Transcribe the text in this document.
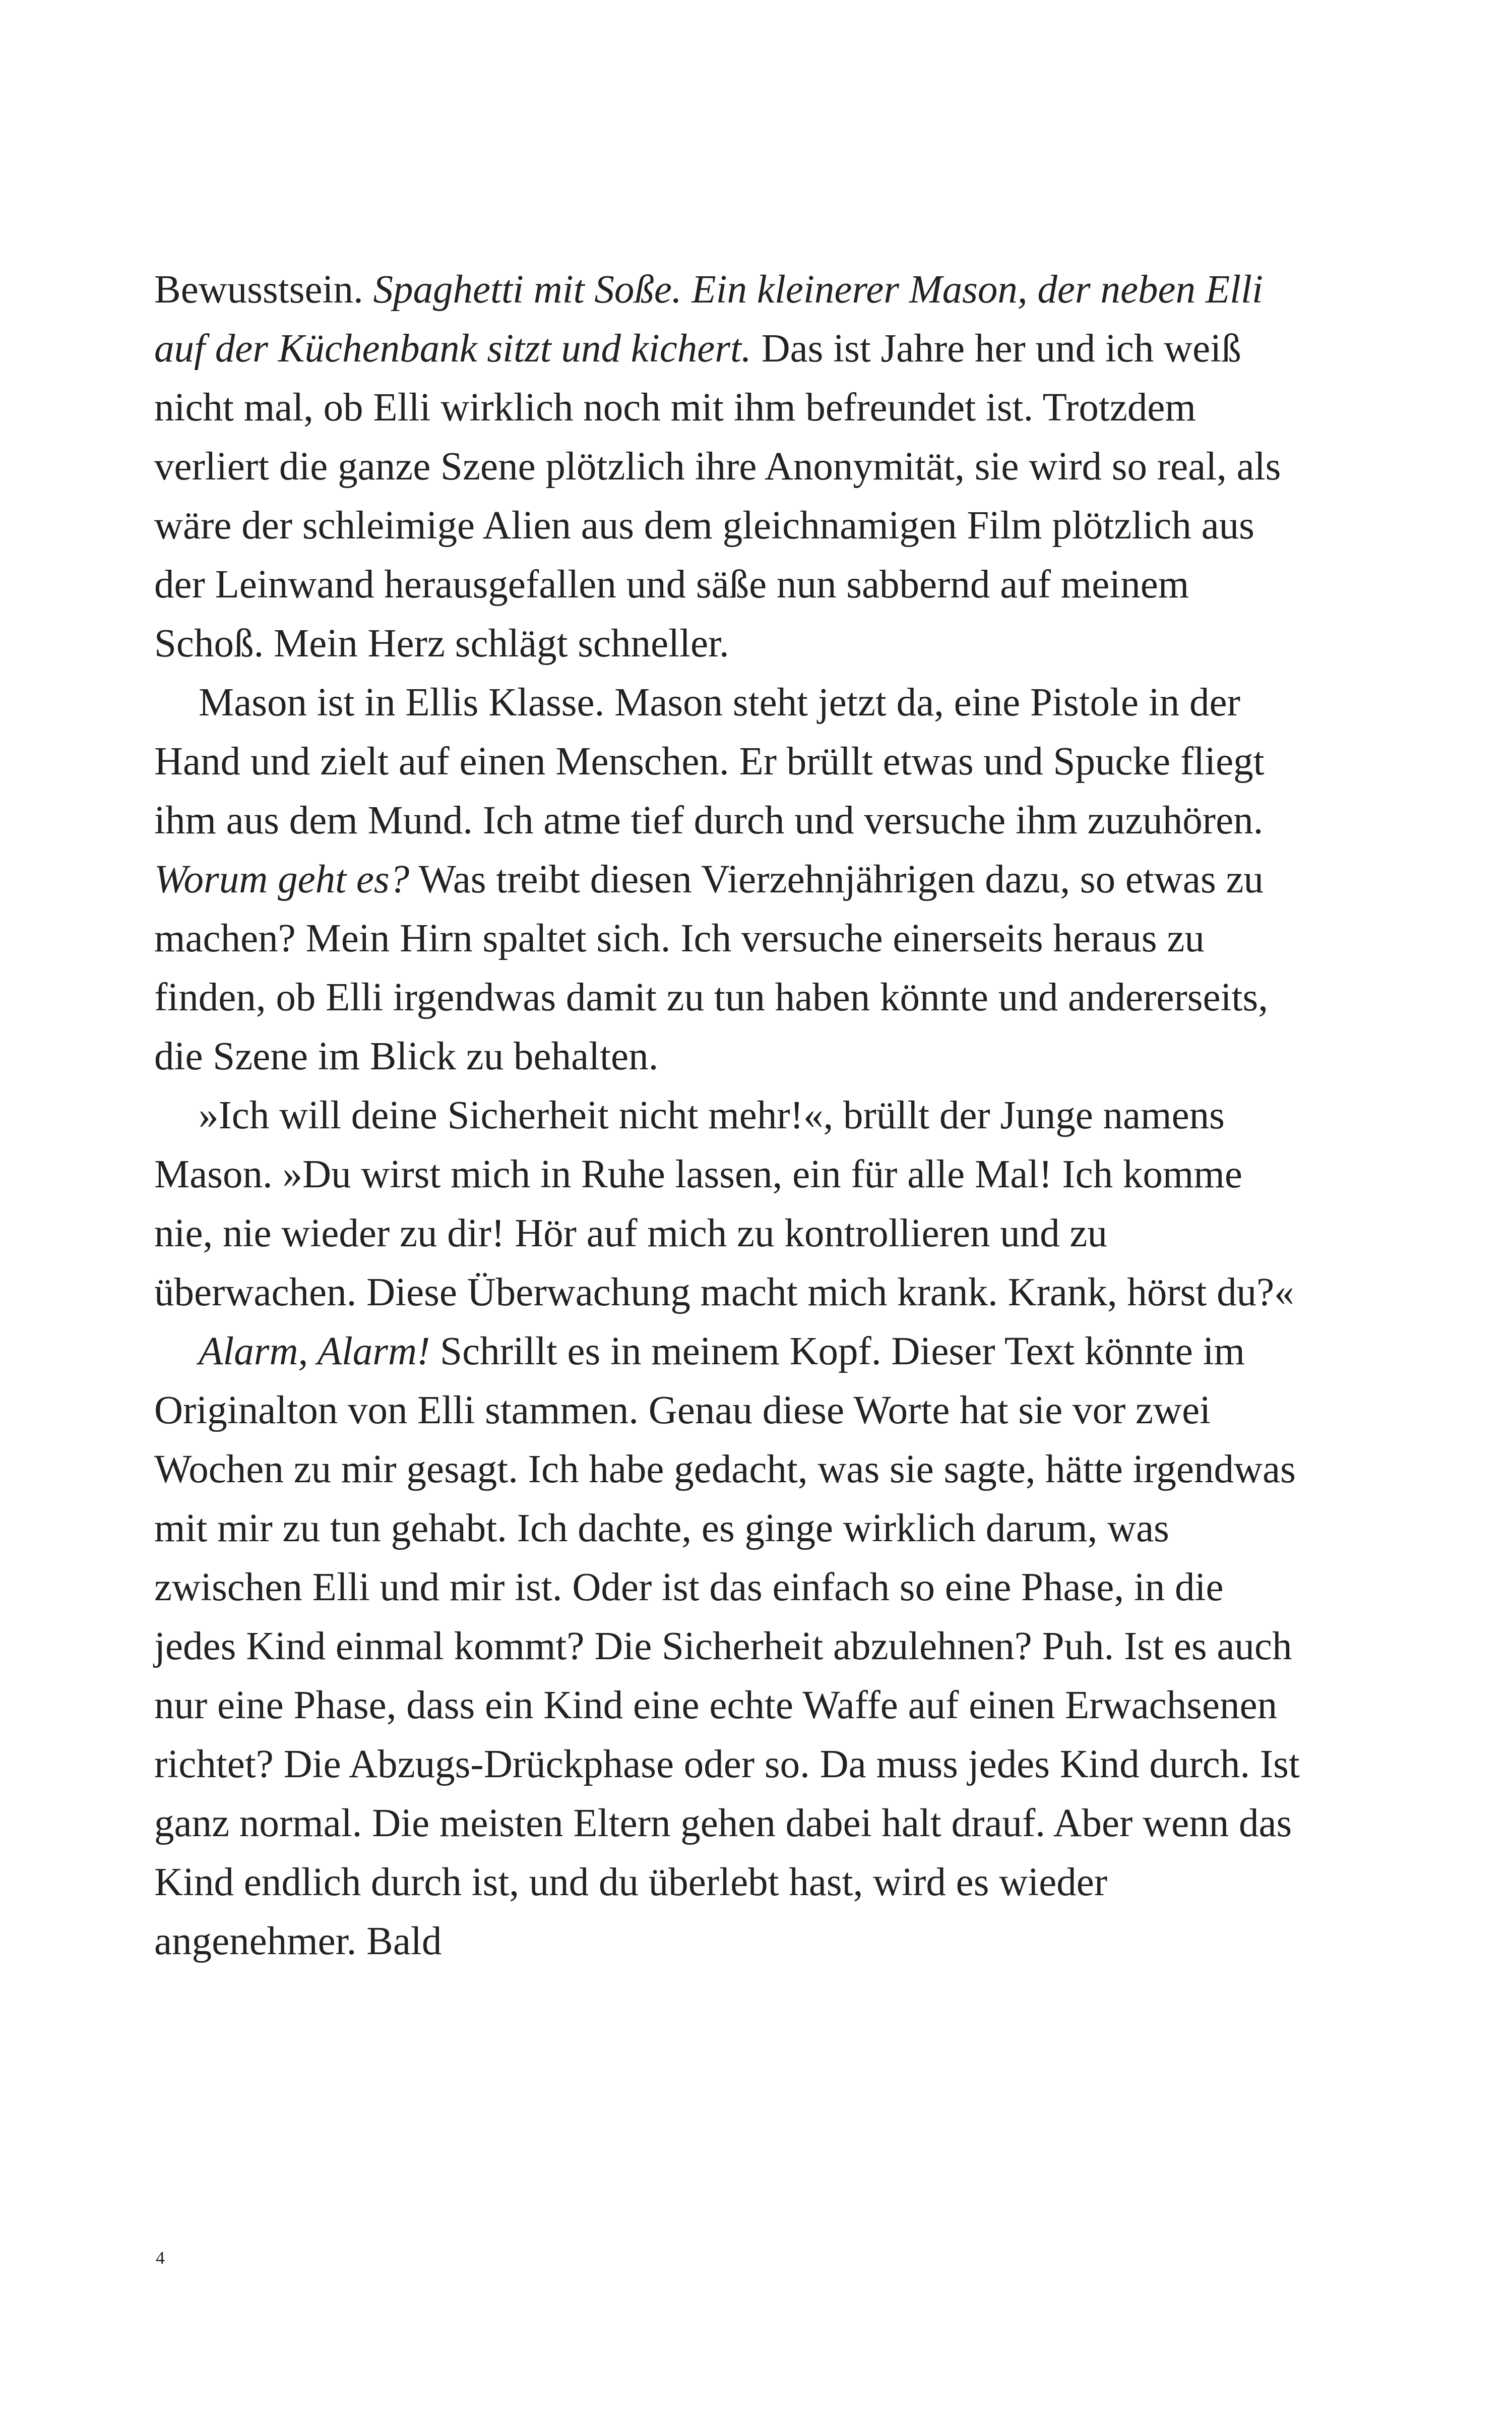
Bewusstsein. Spaghetti mit Soße. Ein kleinerer Mason, der neben Elli auf der Küchenbank sitzt und kichert. Das ist Jahre her und ich weiß nicht mal, ob Elli wirklich noch mit ihm befreundet ist. Trotzdem verliert die ganze Szene plötzlich ihre Anonymität, sie wird so real, als wäre der schleimige Alien aus dem gleichnamigen Film plötzlich aus der Leinwand herausgefallen und säße nun sabbernd auf meinem Schoß. Mein Herz schlägt schneller.

Mason ist in Ellis Klasse. Mason steht jetzt da, eine Pistole in der Hand und zielt auf einen Menschen. Er brüllt etwas und Spucke fliegt ihm aus dem Mund. Ich atme tief durch und versuche ihm zuzuhören. Worum geht es? Was treibt diesen Vierzehnjährigen dazu, so etwas zu machen? Mein Hirn spaltet sich. Ich versuche einerseits heraus zu finden, ob Elli irgendwas damit zu tun haben könnte und andererseits, die Szene im Blick zu behalten.

»Ich will deine Sicherheit nicht mehr!«, brüllt der Junge namens Mason. »Du wirst mich in Ruhe lassen, ein für alle Mal! Ich komme nie, nie wieder zu dir! Hör auf mich zu kontrollieren und zu überwachen. Diese Überwachung macht mich krank. Krank, hörst du?«

Alarm, Alarm! Schrillt es in meinem Kopf. Dieser Text könnte im Originalton von Elli stammen. Genau diese Worte hat sie vor zwei Wochen zu mir gesagt. Ich habe gedacht, was sie sagte, hätte irgendwas mit mir zu tun gehabt. Ich dachte, es ginge wirklich darum, was zwischen Elli und mir ist. Oder ist das einfach so eine Phase, in die jedes Kind einmal kommt? Die Sicherheit abzulehnen? Puh. Ist es auch nur eine Phase, dass ein Kind eine echte Waffe auf einen Erwachsenen richtet? Die Abzugs-Drückphase oder so. Da muss jedes Kind durch. Ist ganz normal. Die meisten Eltern gehen dabei halt drauf. Aber wenn das Kind endlich durch ist, und du überlebt hast, wird es wieder angenehmer. Bald

4
